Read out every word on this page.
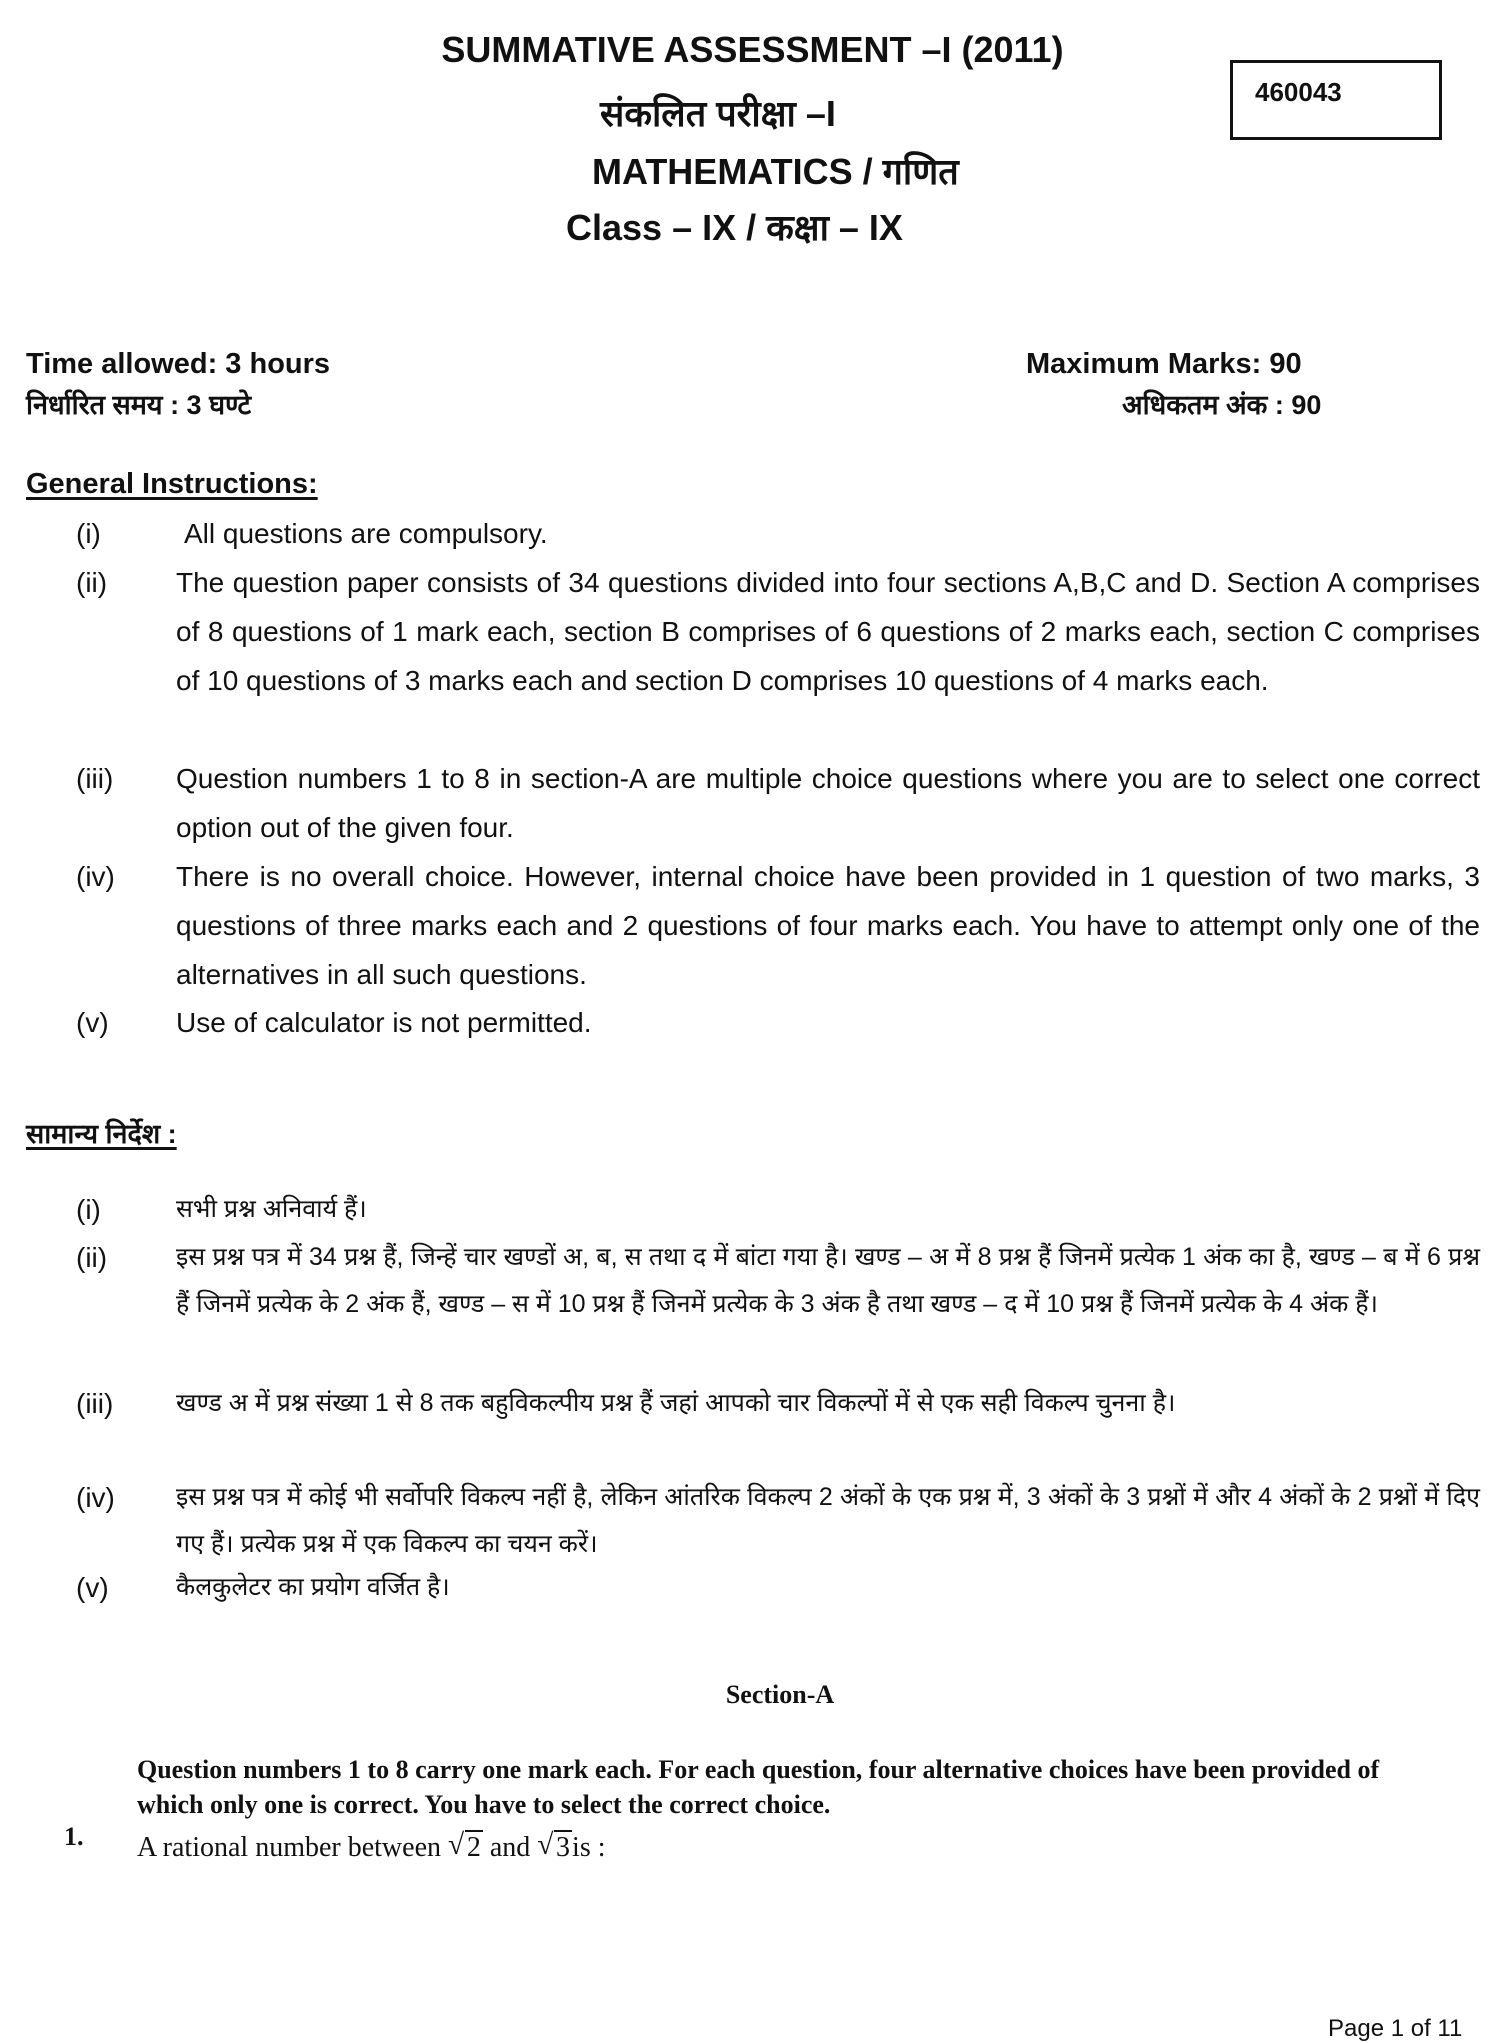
SUMMATIVE ASSESSMENT –I (2011)
संकलित परीक्षा –I
MATHEMATICS / गणित
Class – IX / कक्षा – IX
460043
Time allowed: 3 hours
निर्धारित समय : 3 घण्टे
Maximum Marks: 90
अधिकतम अंक : 90
General Instructions:
(i)	All questions are compulsory.
(ii) The question paper consists of 34 questions divided into four sections A,B,C and D. Section A comprises of 8 questions of 1 mark each, section B comprises of 6 questions of 2 marks each, section C comprises of 10 questions of 3 marks each and section D comprises 10 questions of 4 marks each.
(iii) Question numbers 1 to 8 in section-A are multiple choice questions where you are to select one correct option out of the given four.
(iv) There is no overall choice. However, internal choice have been provided in 1 question of two marks, 3 questions of three marks each and 2 questions of four marks each. You have to attempt only one of the alternatives in all such questions.
(v) Use of calculator is not permitted.
सामान्य निर्देश :
(i)	सभी प्रश्न अनिवार्य हैं।
(ii)	इस प्रश्न पत्र में 34 प्रश्न हैं, जिन्हें चार खण्डों अ, ब, स तथा द में बांटा गया है। खण्ड – अ में 8 प्रश्न हैं जिनमें प्रत्येक 1 अंक का है, खण्ड – ब में 6 प्रश्न हैं जिनमें प्रत्येक के 2 अंक हैं, खण्ड – स में 10 प्रश्न हैं जिनमें प्रत्येक के 3 अंक है तथा खण्ड – द में 10 प्रश्न हैं जिनमें प्रत्येक के 4 अंक हैं।
(iii)	खण्ड अ में प्रश्न संख्या 1 से 8 तक बहुविकल्पीय प्रश्न हैं जहां आपको चार विकल्पों में से एक सही विकल्प चुनना है।
(iv) इस प्रश्न पत्र में कोई भी सर्वोपरि विकल्प नहीं है, लेकिन आंतरिक विकल्प 2 अंकों के एक प्रश्न में, 3 अंकों के 3 प्रश्नों में और 4 अंकों के 2 प्रश्नों में दिए गए हैं। प्रत्येक प्रश्न में एक विकल्प का चयन करें।
(v)	कैलकुलेटर का प्रयोग वर्जित है।
Section-A
Question numbers 1 to 8 carry one mark each. For each question, four alternative choices have been provided of which only one is correct. You have to select the correct choice.
1. A rational number between √ 2 and √ 3is :
Page 1 of 11
